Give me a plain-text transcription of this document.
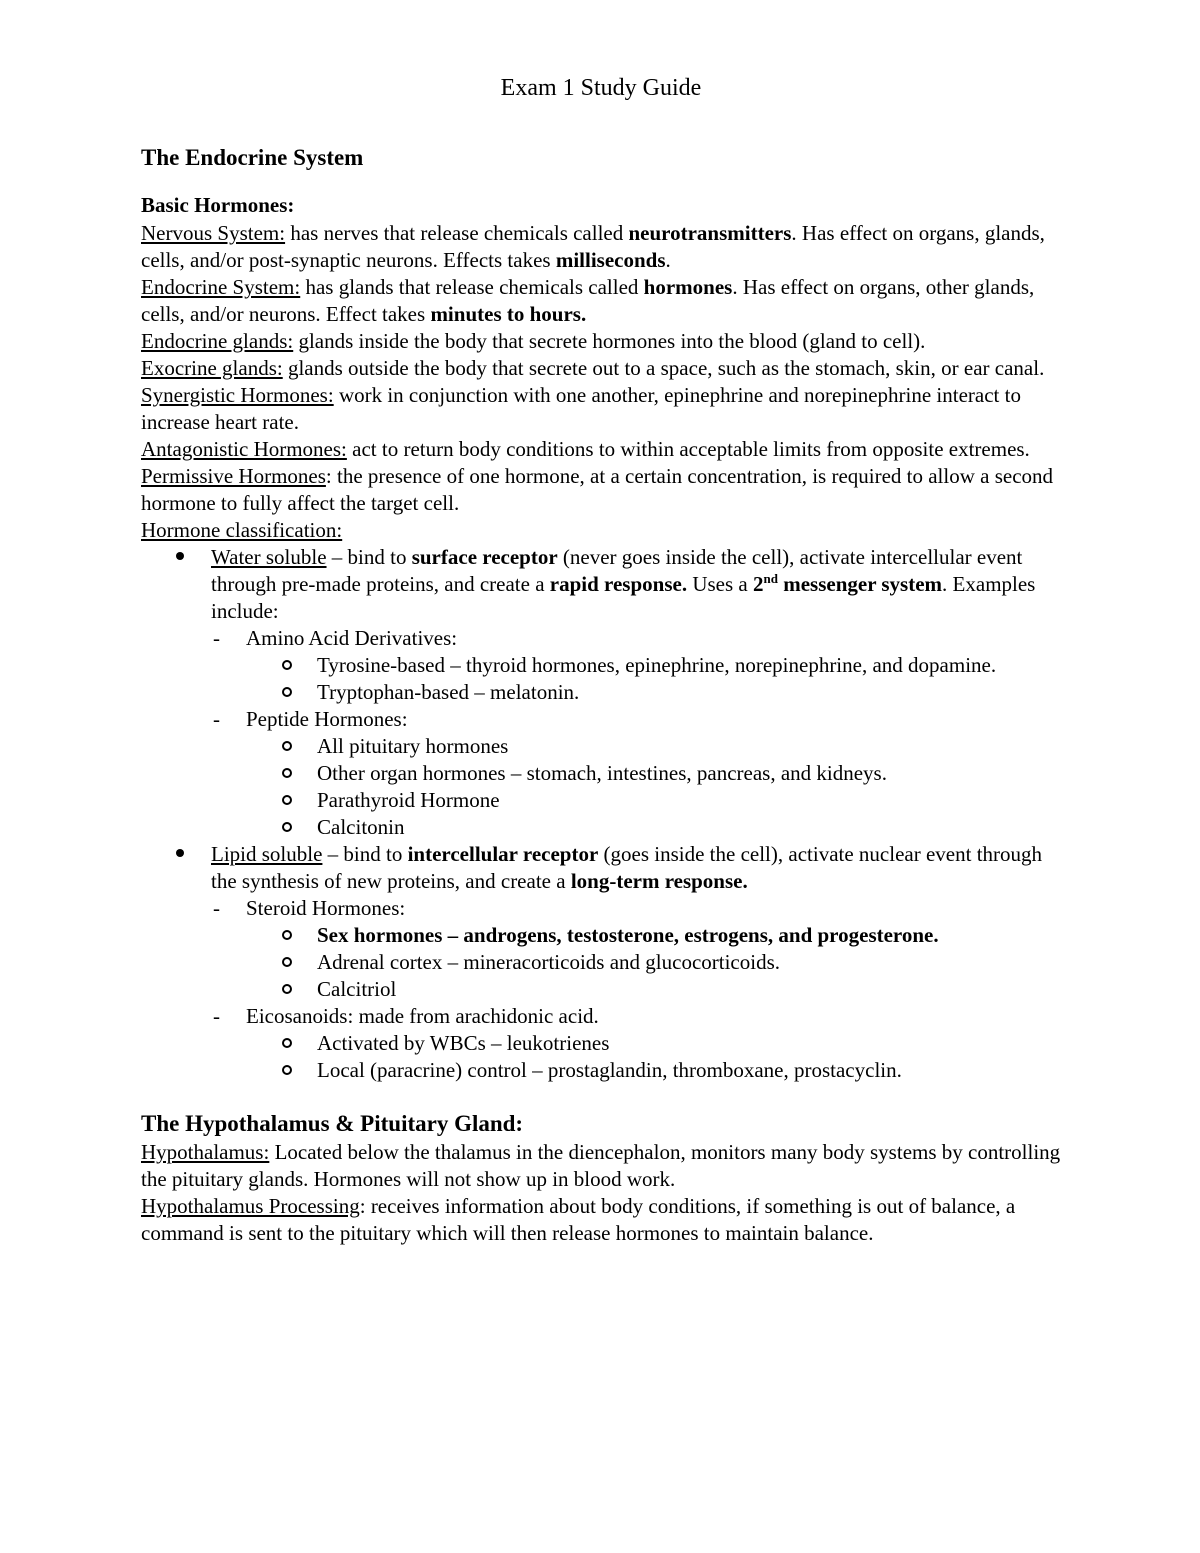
Exam 1 Study Guide
The Endocrine System
Basic Hormones:

Nervous System: has nerves that release chemicals called neurotransmitters. Has effect on organs, glands, cells, and/or post-synaptic neurons. Effects takes milliseconds.

Endocrine System: has glands that release chemicals called hormones. Has effect on organs, other glands, cells, and/or neurons. Effect takes minutes to hours.

Endocrine glands: glands inside the body that secrete hormones into the blood (gland to cell).

Exocrine glands: glands outside the body that secrete out to a space, such as the stomach, skin, or ear canal.

Synergistic Hormones: work in conjunction with one another, epinephrine and norepinephrine interact to increase heart rate.

Antagonistic Hormones: act to return body conditions to within acceptable limits from opposite extremes.

Permissive Hormones: the presence of one hormone, at a certain concentration, is required to allow a second hormone to fully affect the target cell.

Hormone classification:

Water soluble – bind to surface receptor (never goes inside the cell), activate intercellular event through pre-made proteins, and create a rapid response. Uses a 2nd messenger system. Examples include:
- Amino Acid Derivatives:
Tyrosine-based – thyroid hormones, epinephrine, norepinephrine, and dopamine.
Tryptophan-based – melatonin.
- Peptide Hormones:
All pituitary hormones
Other organ hormones – stomach, intestines, pancreas, and kidneys.
Parathyroid Hormone
Calcitonin
Lipid soluble – bind to intercellular receptor (goes inside the cell), activate nuclear event through the synthesis of new proteins, and create a long-term response.
- Steroid Hormones:
Sex hormones – androgens, testosterone, estrogens, and progesterone.
Adrenal cortex – mineracorticoids and glucocorticoids.
Calcitriol
- Eicosanoids: made from arachidonic acid.
Activated by WBCs – leukotrienes
Local (paracrine) control – prostaglandin, thromboxane, prostacyclin.
The Hypothalamus & Pituitary Gland:

Hypothalamus: Located below the thalamus in the diencephalon, monitors many body systems by controlling the pituitary glands. Hormones will not show up in blood work.

Hypothalamus Processing: receives information about body conditions, if something is out of balance, a command is sent to the pituitary which will then release hormones to maintain balance.
